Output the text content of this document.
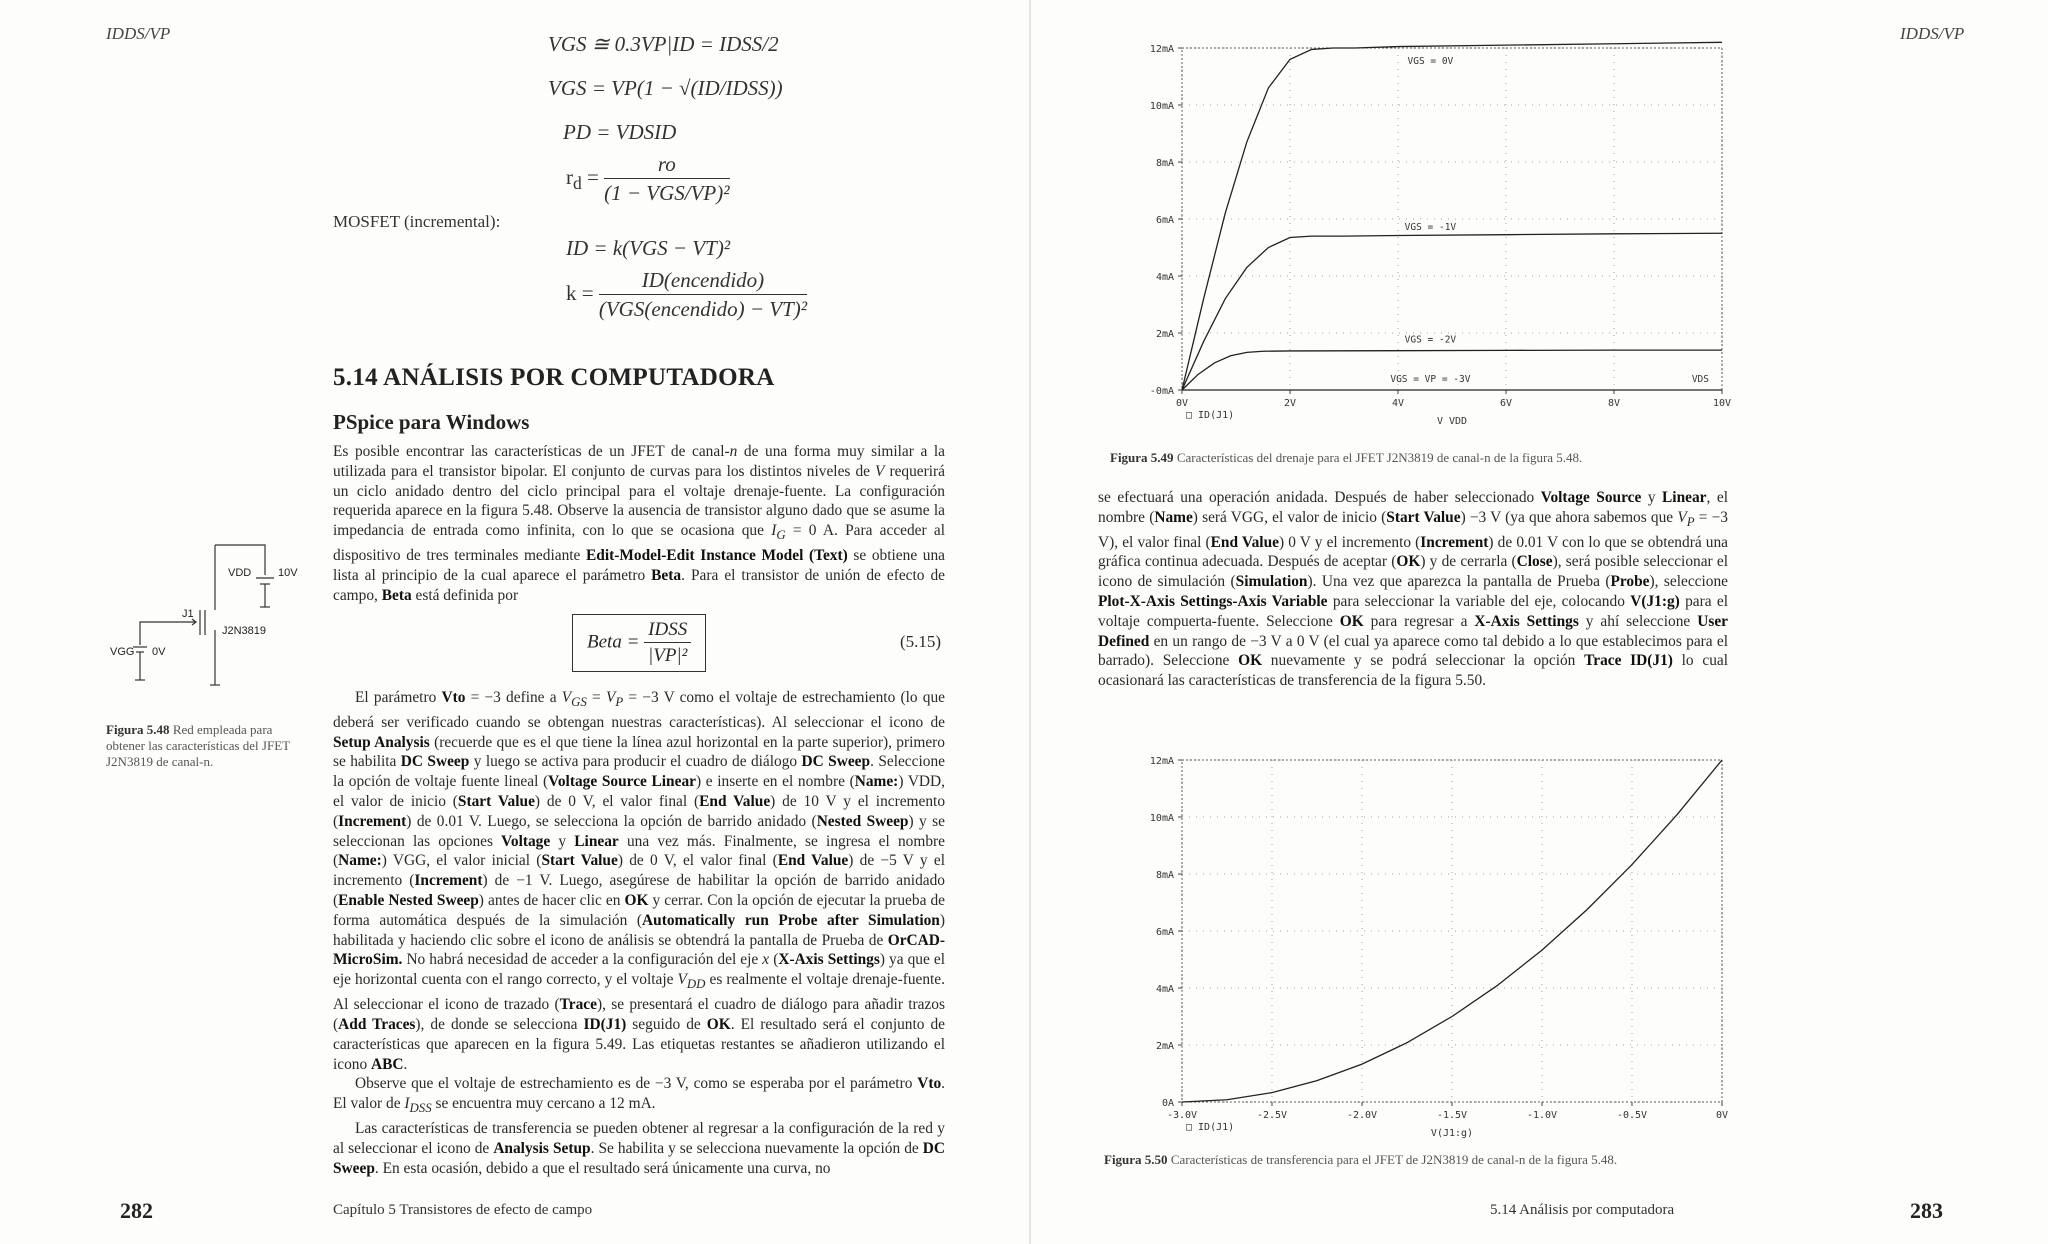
IDDS/VP	VGS ≅ 0.3VP|ID = IDSS/2
VGS = VP(1 − √(ID/IDSS))
PD = VDSID
$r_d = \frac{ro}{\text{(1 − VGS/VP)²}}$
MOSFET (incremental):
ID = k(VGS − VT)²
$k = \frac{\text{ID(encendido)}}{\text{(VGS(encendido) − VT)²}}$
5.14 ANÁLISIS POR COMPUTADORA
PSpice para Windows

Es posible encontrar las características de un JFET de canal-n de una forma muy similar a la utilizada para el transistor bipolar. El conjunto de curvas para los distintos niveles de V requerirá un ciclo anidado dentro del ciclo principal para el voltaje drenaje-fuente. La configuración requerida aparece en la figura 5.48. Observe la ausencia de transistor alguno dado que se asume la impedancia de entrada como infinita, con lo que se ocasiona que $I_G = 0$ A. Para acceder al dispositivo de tres terminales mediante Edit-Model-Edit Instance Model (Text) se obtiene una lista al principio de la cual aparece el parámetro Beta. Para el transistor de unión de efecto de campo, Beta está definida por

Beta = $\frac{\text{IDSS}}{\text{|VP|²}}$	(5.15)

El parámetro Vto = −3 define a $V_{GS} = V_P = -3$ V como el voltaje de estrechamiento (lo que deberá ser verificado cuando se obtengan nuestras características). Al seleccionar el icono de Setup Analysis (recuerde que es el que tiene la línea azul horizontal en la parte superior), primero se habilita DC Sweep y luego se activa para producir el cuadro de diálogo DC Sweep. Seleccione la opción de voltaje fuente lineal (Voltage Source Linear) e inserte en el nombre (Name:) VDD, el valor de inicio (Start Value) de 0 V, el valor final (End Value) de 10 V y el incremento (Increment) de 0.01 V. Luego, se selecciona la opción de barrido anidado (Nested Sweep) y se seleccionan las opciones Voltage y Linear una vez más. Finalmente, se ingresa el nombre (Name:) VGG, el valor inicial (Start Value) de 0 V, el valor final (End Value) de −5 V y el incremento (Increment) de −1 V. Luego, asegúrese de habilitar la opción de barrido anidado (Enable Nested Sweep) antes de hacer clic en OK y cerrar. Con la opción de ejecutar la prueba de forma automática después de la simulación (Automatically run Probe after Simulation) habilitada y haciendo clic sobre el icono de análisis se obtendrá la pantalla de Prueba de OrCAD-MicroSim. No habrá necesidad de acceder a la configuración del eje x (X-Axis Settings) ya que el eje horizontal cuenta con el rango correcto, y el voltaje $V_{DD}$ es realmente el voltaje drenaje-fuente. Al seleccionar el icono de trazado (Trace), se presentará el cuadro de diálogo para añadir trazos (Add Traces), de donde se selecciona ID(J1) seguido de OK. El resultado será el conjunto de características que aparecen en la figura 5.49. Las etiquetas restantes se añadieron utilizando el icono ABC.

Observe que el voltaje de estrechamiento es de −3 V, como se esperaba por el parámetro Vto. El valor de $I_{DSS}$ se encuentra muy cercano a 12 mA.

Las características de transferencia se pueden obtener al regresar a la configuración de la red y al seleccionar el icono de Analysis Setup. Se habilita y se selecciona nuevamente la opción de DC Sweep. En esta ocasión, debido a que el resultado será únicamente una curva, no

VDD 10V
J1
J2N3819
VGG 0V
Figura 5.48 Red empleada para obtener las características del JFET J2N3819 de canal-n.
282	Capítulo 5 Transistores de efecto de campo
IDDS/VP
0V	2V	4V	6V	8V	10V
-0mA
2mA
4mA
6mA
8mA
10mA
12mA
□ ID(J1)
V VDD
VGS = 0V
VGS = -1V
VGS = -2V
VGS = VP = -3V	VDS
Figura 5.49 Características del drenaje para el JFET J2N3819 de canal-n de la figura 5.48.

se efectuará una operación anidada. Después de haber seleccionado Voltage Source y Linear, el nombre (Name) será VGG, el valor de inicio (Start Value) −3 V (ya que ahora sabemos que $V_P = -3$ V), el valor final (End Value) 0 V y el incremento (Increment) de 0.01 V con lo que se obtendrá una gráfica continua adecuada. Después de aceptar (OK) y de cerrarla (Close), será posible seleccionar el icono de simulación (Simulation). Una vez que aparezca la pantalla de Prueba (Probe), seleccione Plot-X-Axis Settings-Axis Variable para seleccionar la variable del eje, colocando V(J1:g) para el voltaje compuerta-fuente. Seleccione OK para regresar a X-Axis Settings y ahí seleccione User Defined en un rango de −3 V a 0 V (el cual ya aparece como tal debido a lo que establecimos para el barrado). Seleccione OK nuevamente y se podrá seleccionar la opción Trace ID(J1) lo cual ocasionará las características de transferencia de la figura 5.50.

-3.0V	-2.5V	-2.0V	-1.5V	-1.0V	-0.5V	0V
0A
2mA
4mA
6mA
8mA
10mA
12mA
□ ID(J1)
V(J1:g)
Figura 5.50 Características de transferencia para el JFET de J2N3819 de canal-n de la figura 5.48.
5.14 Análisis por computadora	283
